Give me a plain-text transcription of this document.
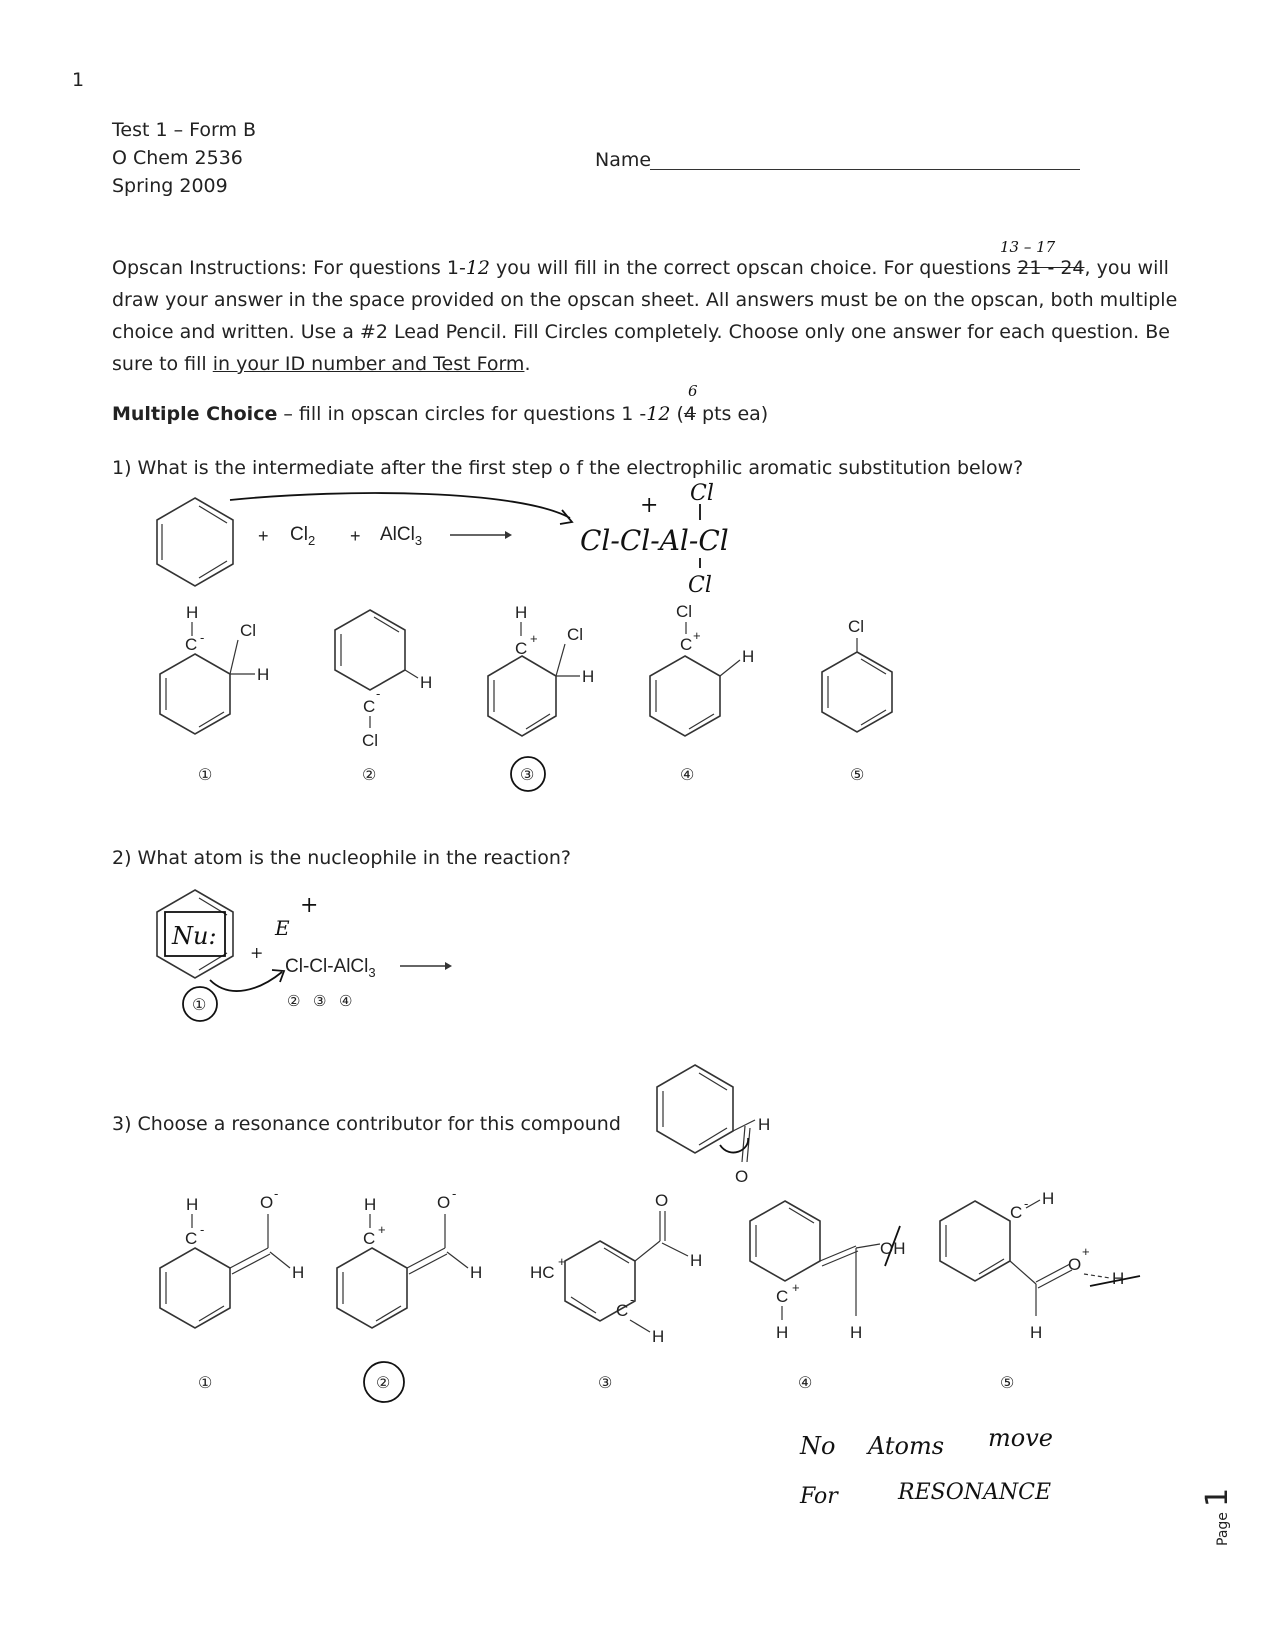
1
Test 1 – Form B
O Chem 2536
Spring 2009
Name
13 – 17
Opscan Instructions: For questions 1-12 you will fill in the correct opscan choice. For questions 21 - 24, you will
draw your answer in the space provided on the opscan sheet. All answers must be on the opscan, both multiple
choice and written. Use a #2 Lead Pencil. Fill Circles completely. Choose only one answer for each question. Be
sure to fill in your ID number and Test Form.
6
Multiple Choice – fill in opscan circles for questions 1 -12 (4 pts ea)
1) What is the intermediate after the first step o f the electrophilic aromatic substitution below?
+ $Cl_2$ + AlCl$_3$	Cl-Cl-Al-Cl
+ Cl
Cl
H
C - Cl
H
C
-
H
Cl
H
C
+ Cl
H
Cl
C +
H
Cl
①	②	③	④	⑤
2) What atom is the nucleophile in the reaction?
Nu:
+
E
+
Cl-Cl-AlCl$_3$
①	② ③ ④
3) Choose a resonance contributor for this compound	H
O
H
C -
O -
H
H
C +
O -
H	HC
+
C
-
H
O
H
C +
H	H
OH
C - H
O
+
H
H
①	②	③	④	⑤
No Atoms move
For	RESONANCE
Page 1
